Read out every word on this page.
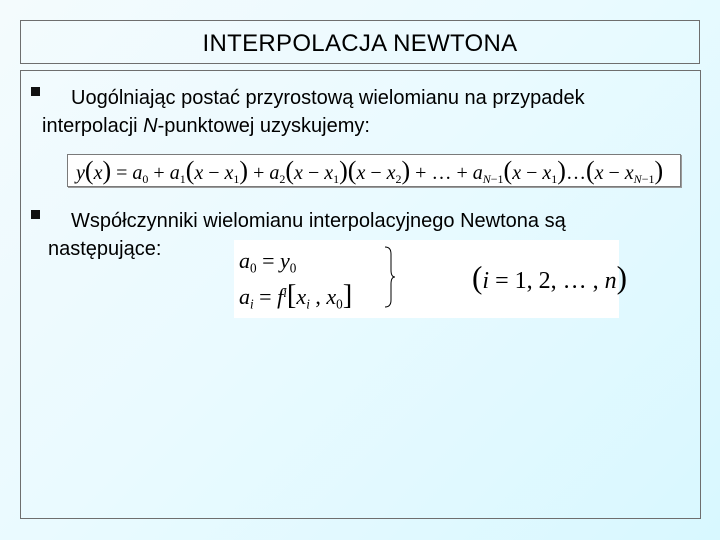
INTERPOLACJA NEWTONA
Uogólniając postać przyrostową wielomianu na przypadek
interpolacji N-punktowej uzyskujemy:
$y(x) = a_0 + a_1(x - x_1) + a_2(x - x_1)(x - x_2)$ + … + $a_{N-1}(x$ − $x_1)\dots(x - x_{N-1})$
Współczynniki wielomianu interpolacyjnego Newtona są
następujące:	$a_0 = y_0$
$a_i = f^i[x_i$ , $x_0$]
(i = 1, 2, … , n)
